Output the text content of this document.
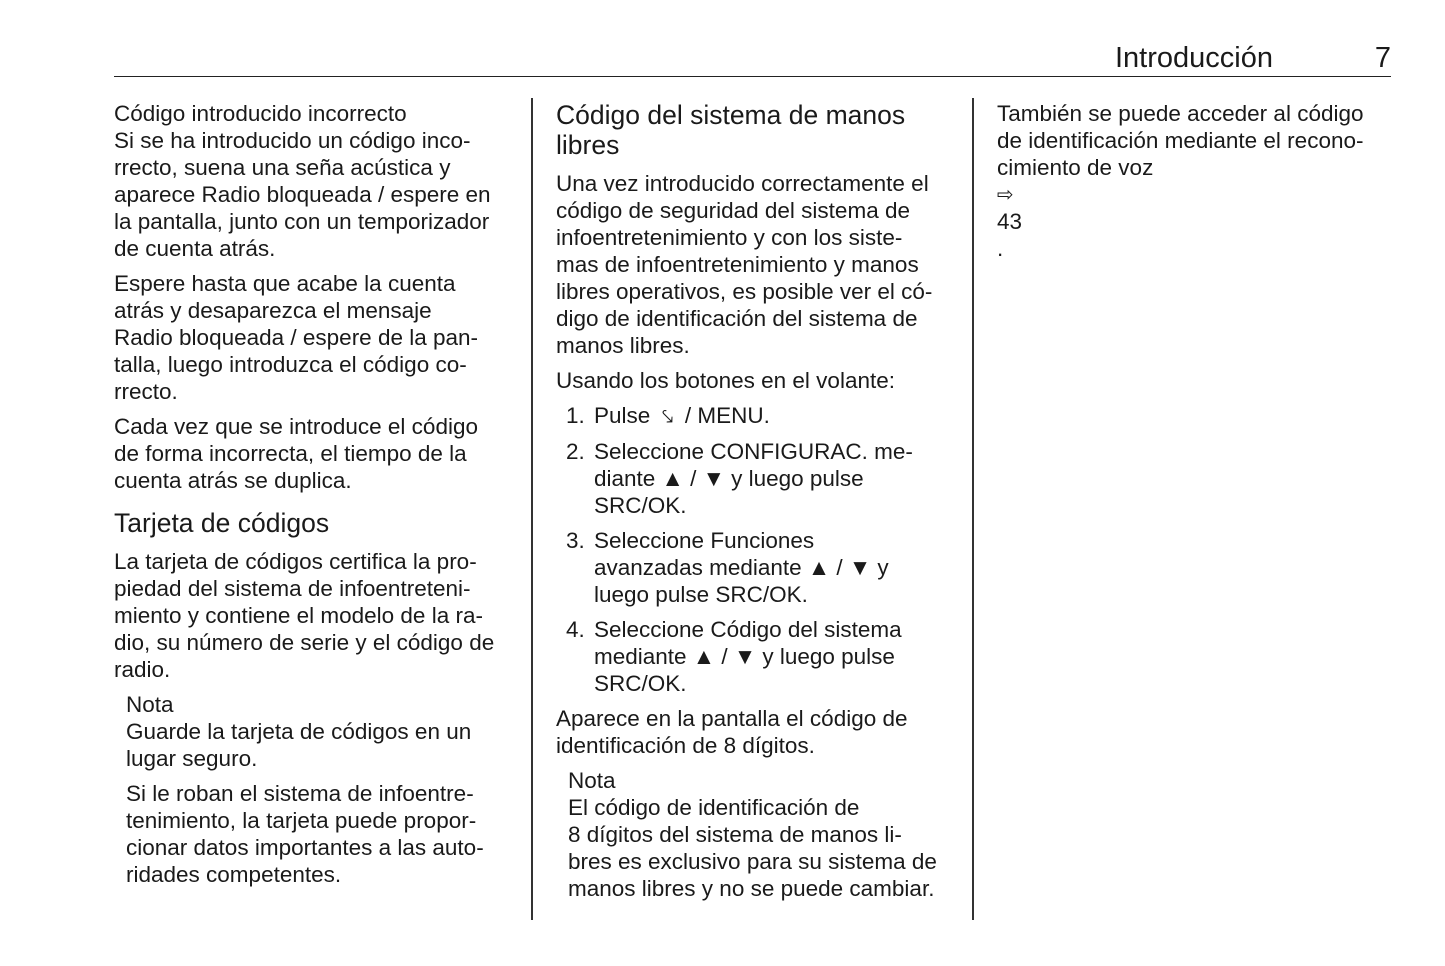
Introducción	7

Código introducido incorrecto
Si se ha introducido un código inco-
rrecto, suena una seña acústica y
aparece Radio bloqueada / espere en
la pantalla, junto con un temporizador
de cuenta atrás.

Espere hasta que acabe la cuenta
atrás y desaparezca el mensaje
Radio bloqueada / espere de la pan-
talla, luego introduzca el código co-
rrecto.

Cada vez que se introduce el código
de forma incorrecta, el tiempo de la
cuenta atrás se duplica.

Tarjeta de códigos

La tarjeta de códigos certifica la pro-
piedad del sistema de infoentreteni-
miento y contiene el modelo de la ra-
dio, su número de serie y el código de
radio.

Nota

Guarde la tarjeta de códigos en un
lugar seguro.

Si le roban el sistema de infoentre-
tenimiento, la tarjeta puede propor-
cionar datos importantes a las auto-
ridades competentes.

Código del sistema de manos
libres

Una vez introducido correctamente el
código de seguridad del sistema de
infoentretenimiento y con los siste-
mas de infoentretenimiento y manos
libres operativos, es posible ver el có-
digo de identificación del sistema de
manos libres.

Usando los botones en el volante:

1. Pulse ⤥ / MENU.
2. Seleccione CONFIGURAC. me-
diante ▲ / ▼ y luego pulse
SRC/OK.
3. Seleccione Funciones
avanzadas mediante ▲ / ▼ y
luego pulse SRC/OK.
4. Seleccione Código del sistema
mediante ▲ / ▼ y luego pulse
SRC/OK.

Aparece en la pantalla el código de
identificación de 8 dígitos.

Nota

El código de identificación de
8 dígitos del sistema de manos li-
bres es exclusivo para su sistema de
manos libres y no se puede cambiar.

También se puede acceder al código
de identificación mediante el recono-
cimiento de voz
⇨
43
.
